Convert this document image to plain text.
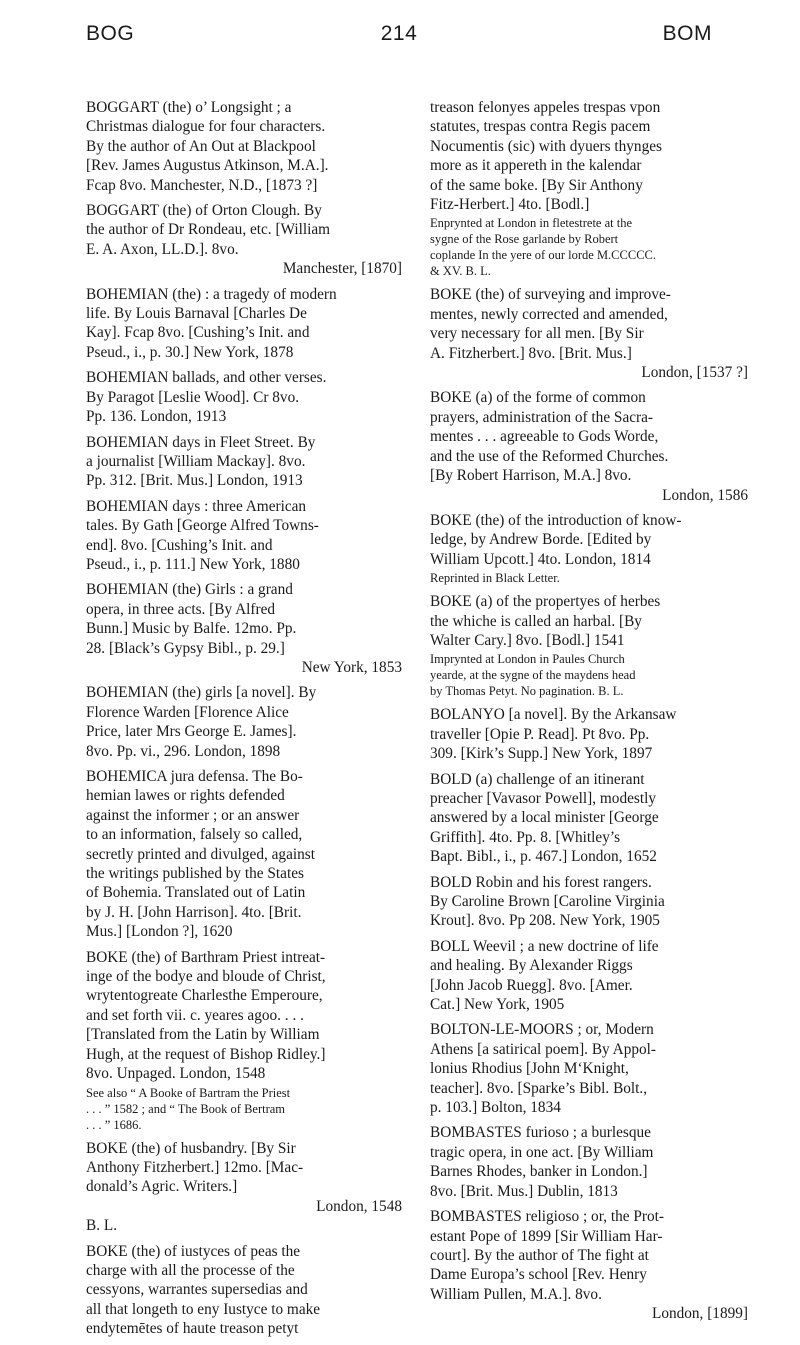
BOG	214	BOM
BOGGART (the) o’ Longsight ; a
Christmas dialogue for four characters.
By the author of An Out at Blackpool
[Rev. James Augustus Atkinson, M.A.].
Fcap 8vo. Manchester, N.D., [1873 ?]
BOGGART (the) of Orton Clough. By
the author of Dr Rondeau, etc. [William
E. A. Axon, LL.D.]. 8vo.
Manchester, [1870]
BOHEMIAN (the) : a tragedy of modern
life. By Louis Barnaval [Charles De
Kay]. Fcap 8vo. [Cushing’s Init. and
Pseud., i., p. 30.] New York, 1878
BOHEMIAN ballads, and other verses.
By Paragot [Leslie Wood]. Cr 8vo.
Pp. 136. London, 1913
BOHEMIAN days in Fleet Street. By
a journalist [William Mackay]. 8vo.
Pp. 312. [Brit. Mus.] London, 1913
BOHEMIAN days : three American
tales. By Gath [George Alfred Towns-
end]. 8vo. [Cushing’s Init. and
Pseud., i., p. 111.] New York, 1880
BOHEMIAN (the) Girls : a grand
opera, in three acts. [By Alfred
Bunn.] Music by Balfe. 12mo. Pp.
28. [Black’s Gypsy Bibl., p. 29.]
New York, 1853
BOHEMIAN (the) girls [a novel]. By
Florence Warden [Florence Alice
Price, later Mrs George E. James].
8vo. Pp. vi., 296. London, 1898
BOHEMICA jura defensa. The Bo-
hemian lawes or rights defended
against the informer ; or an answer
to an information, falsely so called,
secretly printed and divulged, against
the writings published by the States
of Bohemia. Translated out of Latin
by J. H. [John Harrison]. 4to. [Brit.
Mus.] [London ?], 1620
BOKE (the) of Barthram Priest intreat-
inge of the bodye and bloude of Christ,
wrytentogreate Charlesthe Emperoure,
and set forth vii. c. yeares agoo. . . .
[Translated from the Latin by William
Hugh, at the request of Bishop Ridley.]
8vo. Unpaged. London, 1548
See also “ A Booke of Bartram the Priest
. . . ” 1582 ; and “ The Book of Bertram
. . . ” 1686.
BOKE (the) of husbandry. [By Sir
Anthony Fitzherbert.] 12mo. [Mac-
donald’s Agric. Writers.]
London, 1548
B. L.
BOKE (the) of iustyces of peas the
charge with all the processe of the
cessyons, warrantes supersedias and
all that longeth to eny Iustyce to make
endytemētes of haute treason petyt
treason felonyes appeles trespas vpon
statutes, trespas contra Regis pacem
Nocumentis (sic) with dyuers thynges
more as it appereth in the kalendar
of the same boke. [By Sir Anthony
Fitz-Herbert.] 4to. [Bodl.]
Enprynted at London in fletestrete at the
sygne of the Rose garlande by Robert
coplande In the yere of our lorde M.CCCCC.
& XV. B. L.
BOKE (the) of surveying and improve-
mentes, newly corrected and amended,
very necessary for all men. [By Sir
A. Fitzherbert.] 8vo. [Brit. Mus.]
London, [1537 ?]
BOKE (a) of the forme of common
prayers, administration of the Sacra-
mentes . . . agreeable to Gods Worde,
and the use of the Reformed Churches.
[By Robert Harrison, M.A.] 8vo.
London, 1586
BOKE (the) of the introduction of know-
ledge, by Andrew Borde. [Edited by
William Upcott.] 4to. London, 1814
Reprinted in Black Letter.
BOKE (a) of the propertyes of herbes
the whiche is called an harbal. [By
Walter Cary.] 8vo. [Bodl.] 1541
Imprynted at London in Paules Church
yearde, at the sygne of the maydens head
by Thomas Petyt. No pagination. B. L.
BOLANYO [a novel]. By the Arkansaw
traveller [Opie P. Read]. Pt 8vo. Pp.
309. [Kirk’s Supp.] New York, 1897
BOLD (a) challenge of an itinerant
preacher [Vavasor Powell], modestly
answered by a local minister [George
Griffith]. 4to. Pp. 8. [Whitley’s
Bapt. Bibl., i., p. 467.] London, 1652
BOLD Robin and his forest rangers.
By Caroline Brown [Caroline Virginia
Krout]. 8vo. Pp 208. New York, 1905
BOLL Weevil ; a new doctrine of life
and healing. By Alexander Riggs
[John Jacob Ruegg]. 8vo. [Amer.
Cat.] New York, 1905
BOLTON-LE-MOORS ; or, Modern
Athens [a satirical poem]. By Appol-
lonius Rhodius [John M‘Knight,
teacher]. 8vo. [Sparke’s Bibl. Bolt.,
p. 103.] Bolton, 1834
BOMBASTES furioso ; a burlesque
tragic opera, in one act. [By William
Barnes Rhodes, banker in London.]
8vo. [Brit. Mus.] Dublin, 1813
BOMBASTES religioso ; or, the Prot-
estant Pope of 1899 [Sir William Har-
court]. By the author of The fight at
Dame Europa’s school [Rev. Henry
William Pullen, M.A.]. 8vo.
London, [1899]
